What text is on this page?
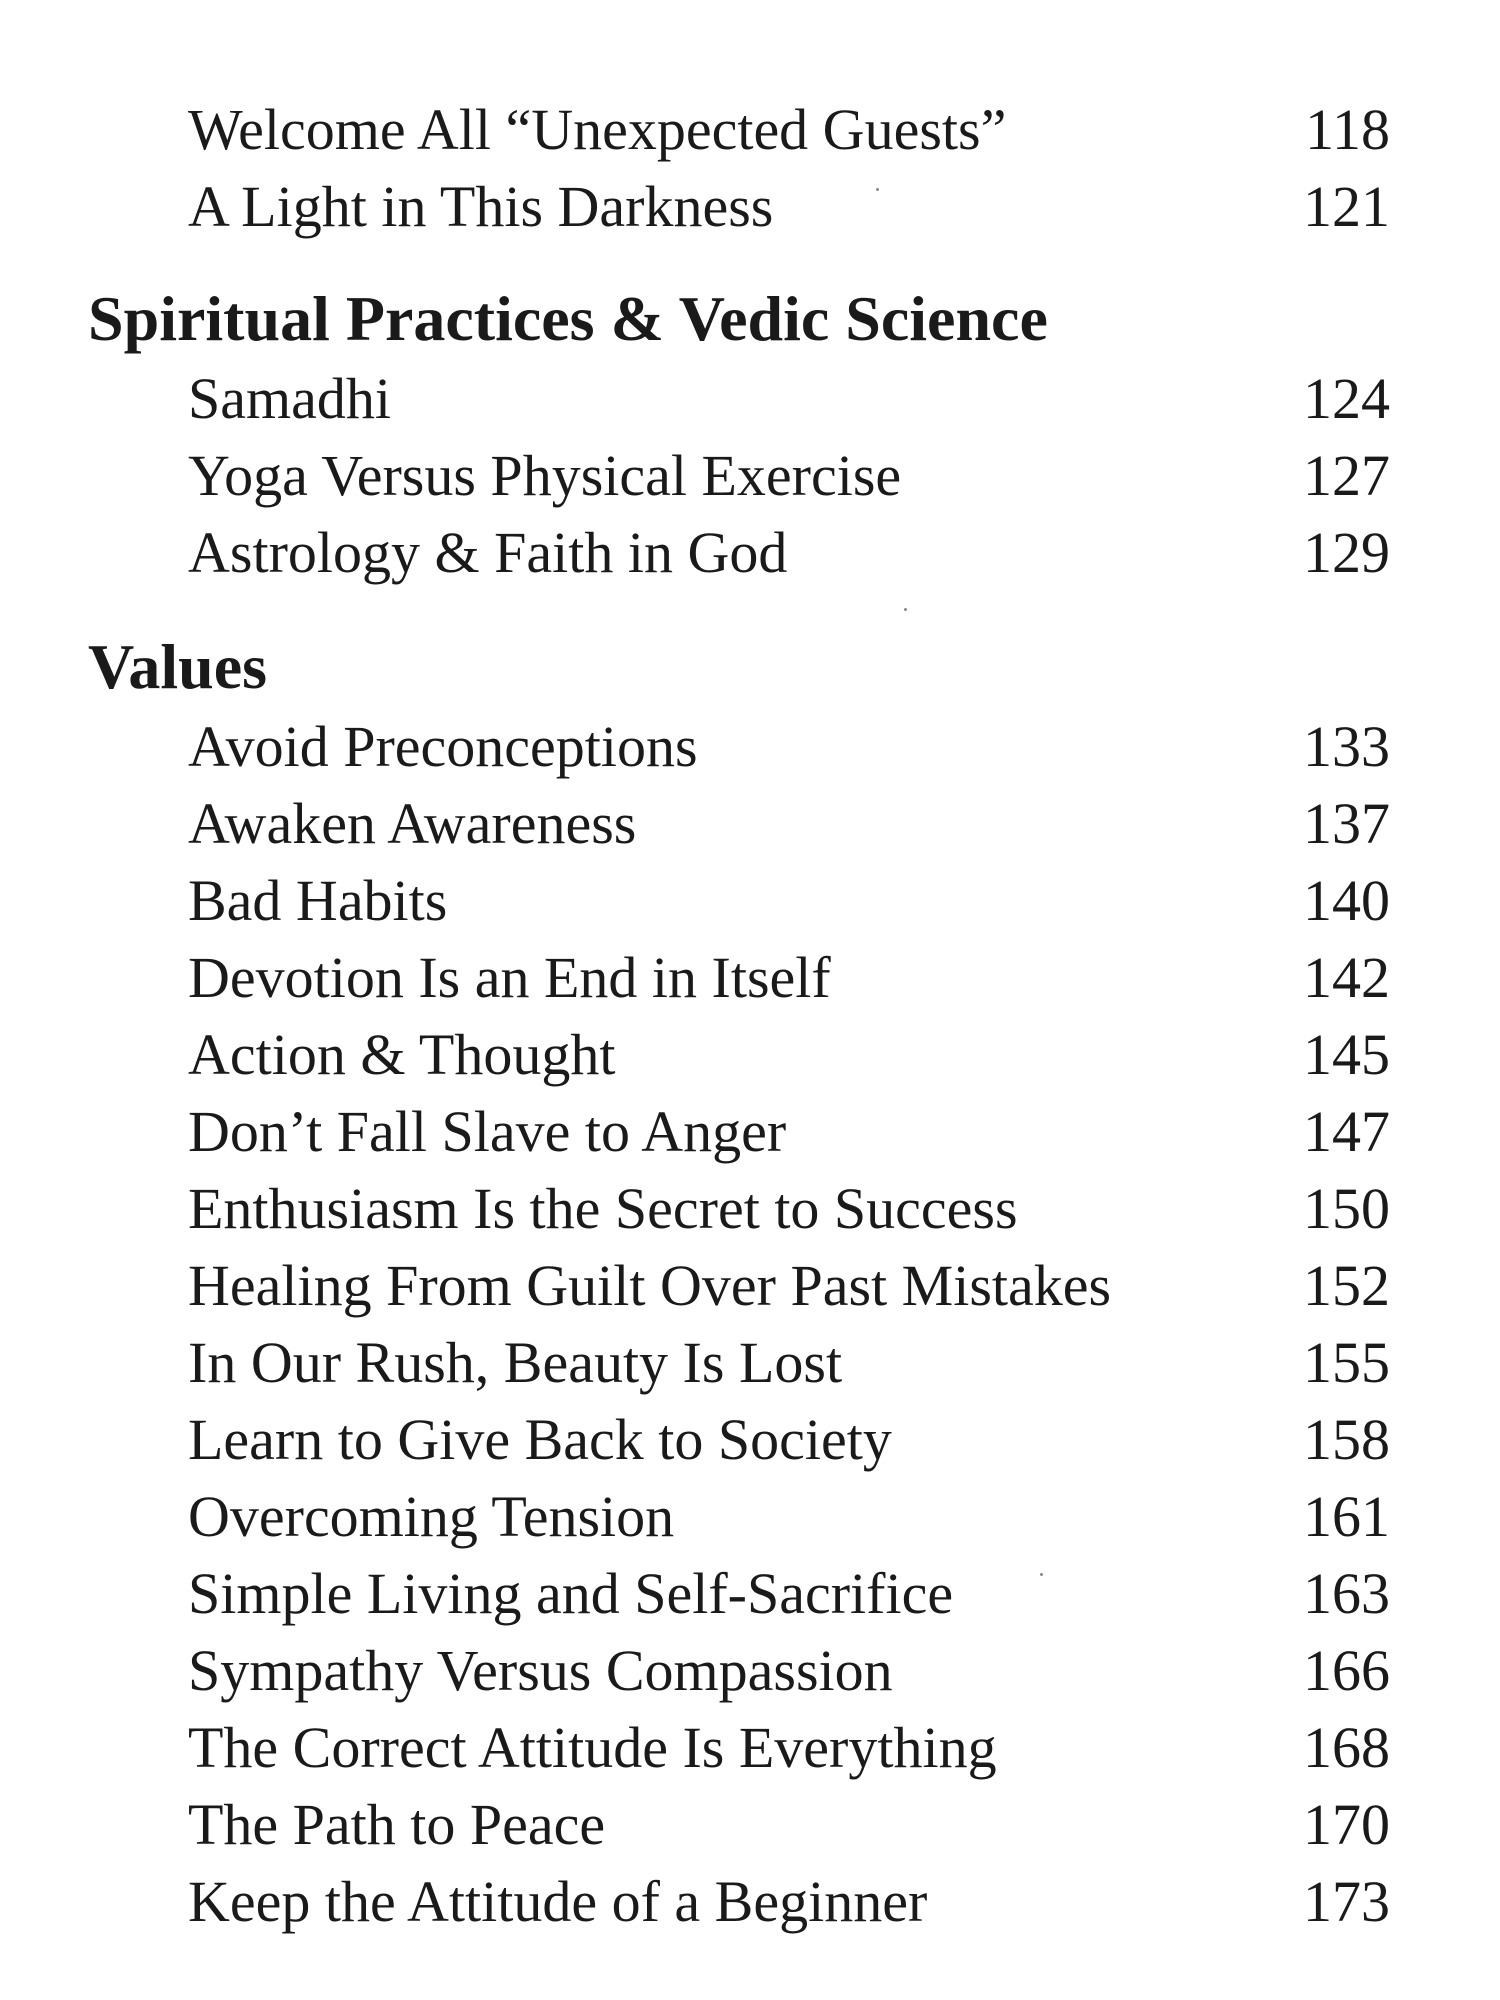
Welcome All “Unexpected Guests”	118
A Light in This Darkness	121
Spiritual Practices & Vedic Science
Samadhi	124
Yoga Versus Physical Exercise	127
Astrology & Faith in God	129
Values
Avoid Preconceptions	133
Awaken Awareness	137
Bad Habits	140
Devotion Is an End in Itself	142
Action & Thought	145
Don’t Fall Slave to Anger	147
Enthusiasm Is the Secret to Success	150
Healing From Guilt Over Past Mistakes	152
In Our Rush, Beauty Is Lost	155
Learn to Give Back to Society	158
Overcoming Tension	161
Simple Living and Self-Sacrifice	163
Sympathy Versus Compassion	166
The Correct Attitude Is Everything	168
The Path to Peace	170
Keep the Attitude of a Beginner	173
